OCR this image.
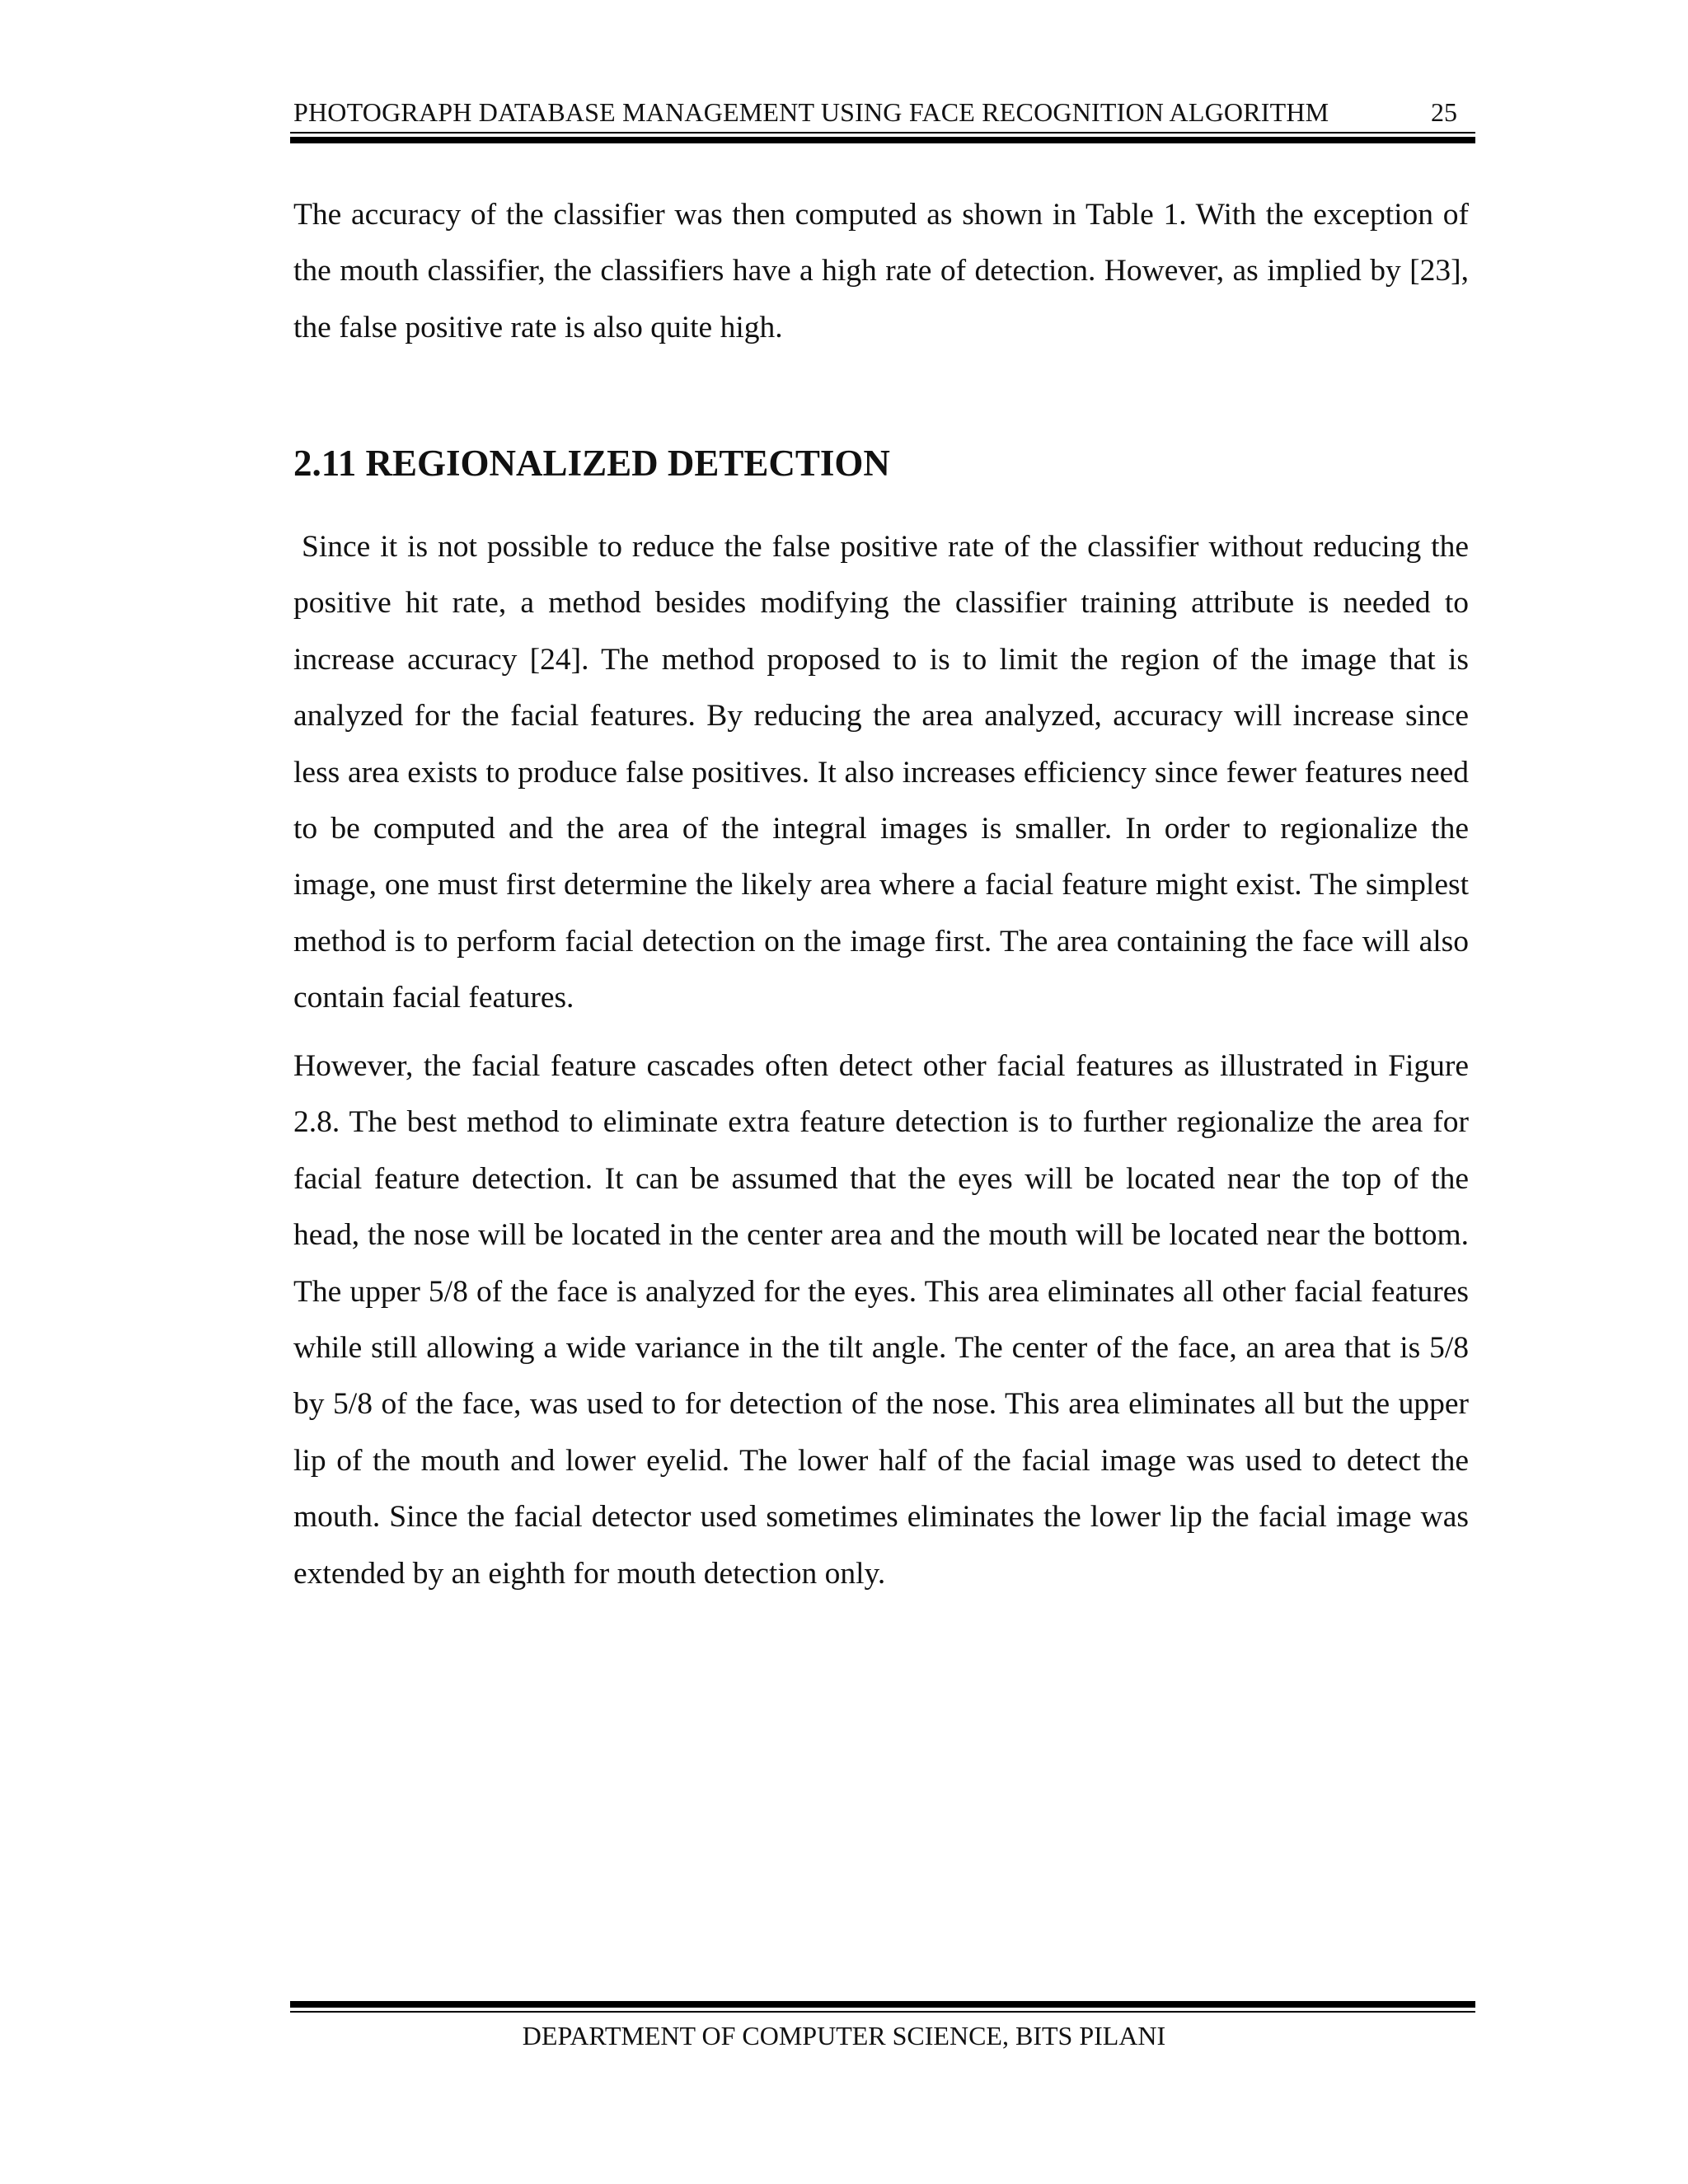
PHOTOGRAPH DATABASE MANAGEMENT USING FACE RECOGNITION ALGORITHM	25

The accuracy of the classifier was then computed as shown in Table 1. With the exception of the mouth classifier, the classifiers have a high rate of detection. However, as implied by [23], the false positive rate is also quite high.

2.11 REGIONALIZED DETECTION

Since it is not possible to reduce the false positive rate of the classifier without reducing the positive hit rate, a method besides modifying the classifier training attribute is needed to increase accuracy [24]. The method proposed to is to limit the region of the image that is analyzed for the facial features. By reducing the area analyzed, accuracy will increase since less area exists to produce false positives. It also increases efficiency since fewer features need to be computed and the area of the integral images is smaller. In order to regionalize the image, one must first determine the likely area where a facial feature might exist. The simplest method is to perform facial detection on the image first. The area containing the face will also contain facial features.

However, the facial feature cascades often detect other facial features as illustrated in Figure 2.8. The best method to eliminate extra feature detection is to further regionalize the area for facial feature detection. It can be assumed that the eyes will be located near the top of the head, the nose will be located in the center area and the mouth will be located near the bottom. The upper 5/8 of the face is analyzed for the eyes. This area eliminates all other facial features while still allowing a wide variance in the tilt angle. The center of the face, an area that is 5/8 by 5/8 of the face, was used to for detection of the nose. This area eliminates all but the upper lip of the mouth and lower eyelid. The lower half of the facial image was used to detect the mouth. Since the facial detector used sometimes eliminates the lower lip the facial image was extended by an eighth for mouth detection only.

DEPARTMENT OF COMPUTER SCIENCE, BITS PILANI
